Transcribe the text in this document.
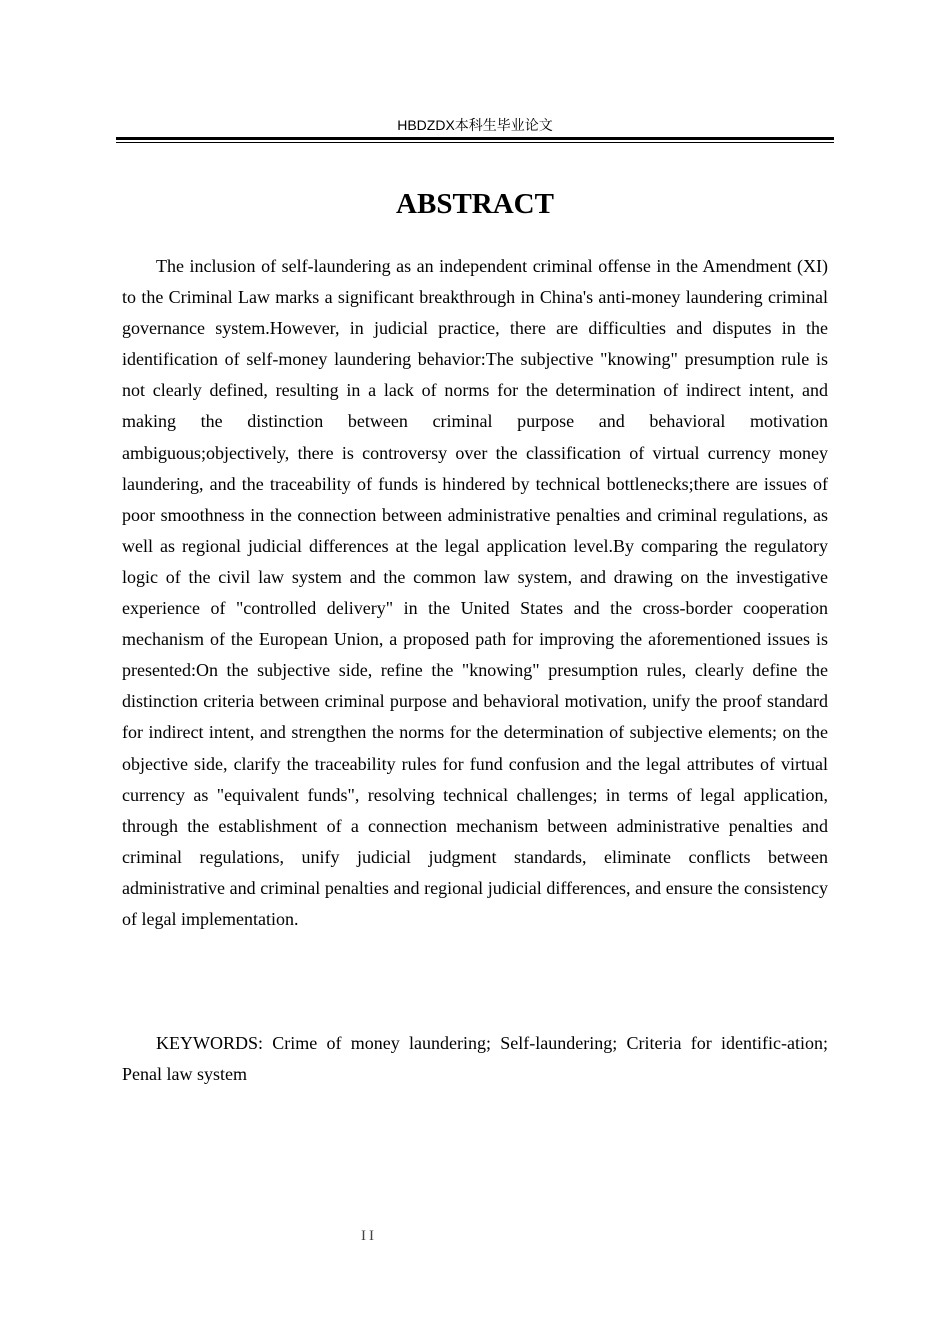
HBDZDX本科生毕业论文
ABSTRACT

The inclusion of self-laundering as an independent criminal offense in the Amendment (XI) to the Criminal Law marks a significant breakthrough in China's anti-money laundering criminal governance system.However, in judicial practice, there are difficulties and disputes in the identification of self-money laundering behavior:The subjective "knowing" presumption rule is not clearly defined, resulting in a lack of norms for the determination of indirect intent, and making the distinction between criminal purpose and behavioral motivation ambiguous;objectively, there is controversy over the classification of virtual currency money laundering, and the traceability of funds is hindered by technical bottlenecks;there are issues of poor smoothness in the connection between administrative penalties and criminal regulations, as well as regional judicial differences at the legal application level.By comparing the regulatory logic of the civil law system and the common law system, and drawing on the investigative experience of "controlled delivery" in the United States and the cross-border cooperation mechanism of the European Union, a proposed path for improving the aforementioned issues is presented:On the subjective side, refine the "knowing" presumption rules, clearly define the distinction criteria between criminal purpose and behavioral motivation, unify the proof standard for indirect intent, and strengthen the norms for the determination of subjective elements; on the objective side, clarify the traceability rules for fund confusion and the legal attributes of virtual currency as "equivalent funds", resolving technical challenges; in terms of legal application, through the establishment of a connection mechanism between administrative penalties and criminal regulations, unify judicial judgment standards, eliminate conflicts between administrative and criminal penalties and regional judicial differences, and ensure the consistency of legal implementation.

KEYWORDS: Crime of money laundering; Self-laundering; Criteria for identific-ation; Penal law system

II
